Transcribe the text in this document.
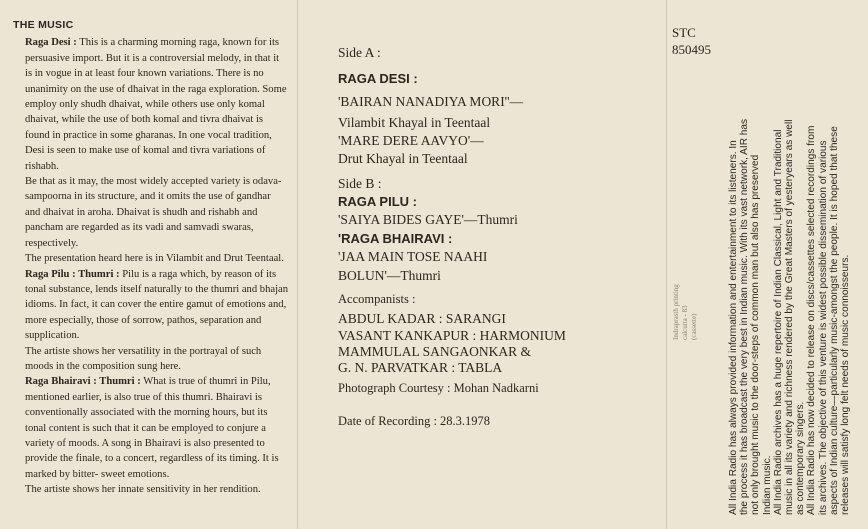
THE MUSIC

Raga Desi : This is a charming morning raga, known for its persuasive import. But it is a controversial melody, in that it is in vogue in at least four known variations. There is no unanimity on the use of dhaivat in the raga exploration. Some employ only shudh dhaivat, while others use only komal dhaivat, while the use of both komal and tivra dhaivat is found in practice in some gharanas. In one vocal tradition, Desi is seen to make use of komal and tivra variations of rishabh.

Be that as it may, the most widely accepted variety is odava-sampoorna in its structure, and it omits the use of gandhar and dhaivat in aroha. Dhaivat is shudh and rishabh and pancham are regarded as its vadi and samvadi swaras, respectively.

The presentation heard here is in Vilambit and Drut Teentaal.

Raga Pilu : Thumri : Pilu is a raga which, by reason of its tonal substance, lends itself naturally to the thumri and bhajan idioms. In fact, it can cover the entire gamut of emotions and, more especially, those of sorrow, pathos, separation and supplication.

The artiste shows her versatility in the portrayal of such moods in the composition sung here.

Raga Bhairavi : Thumri : What is true of thumri in Pilu, mentioned earlier, is also true of this thumri. Bhairavi is conventionally associated with the morning hours, but its tonal content is such that it can be employed to conjure a variety of moods. A song in Bhairavi is also presented to provide the finale, to a concert, regardless of its timing. It is marked by bitter- sweet emotions.

The artiste shows her innate sensitivity in her rendition.

Side A :
RAGA DESI :
'BAIRAN NANADIYA MORI''—
Vilambit Khayal in Teentaal
'MARE DERE AAVYO'—
Drut Khayal in Teentaal
Side B :
RAGA PILU :
'SAIYA BIDES GAYE'—Thumri
'RAGA BHAIRAVI :
'JAA MAIN TOSE NAAHI
BOLUN'—Thumri
Accompanists :
ABDUL KADAR : SARANGI
VASANT KANKAPUR : HARMONIUM
MAMMULAL SANGAONKAR &
G. N. PARVATKAR : TABLA
Photograph Courtesy : Mohan Nadkarni
Date of Recording : 28.3.1978
STC
850495
Indraprasth printing calcutta - 83 (cassette)	All India Radio has always provided information and entertainment to its listeners. In the process it has broadcast the very best in Indian music. With its vast network, AIR has not only brought music to the door-steps of common man but also has preserved Indian music. All India Radio archives has a huge repertoire of Indian Classical, Light and Traditional music in all its variety and richness rendered by the Great Masters of yesteryears as well as contemporary singers. All India Radio has now decided to release on discs/cassettes selected recordings from its archives. The objective of this venture is widest possible dissemination of various aspects of Indian culture—particularly music-amongst the people. It is hoped that these releases will satisfy long felt needs of music connoisseurs.
